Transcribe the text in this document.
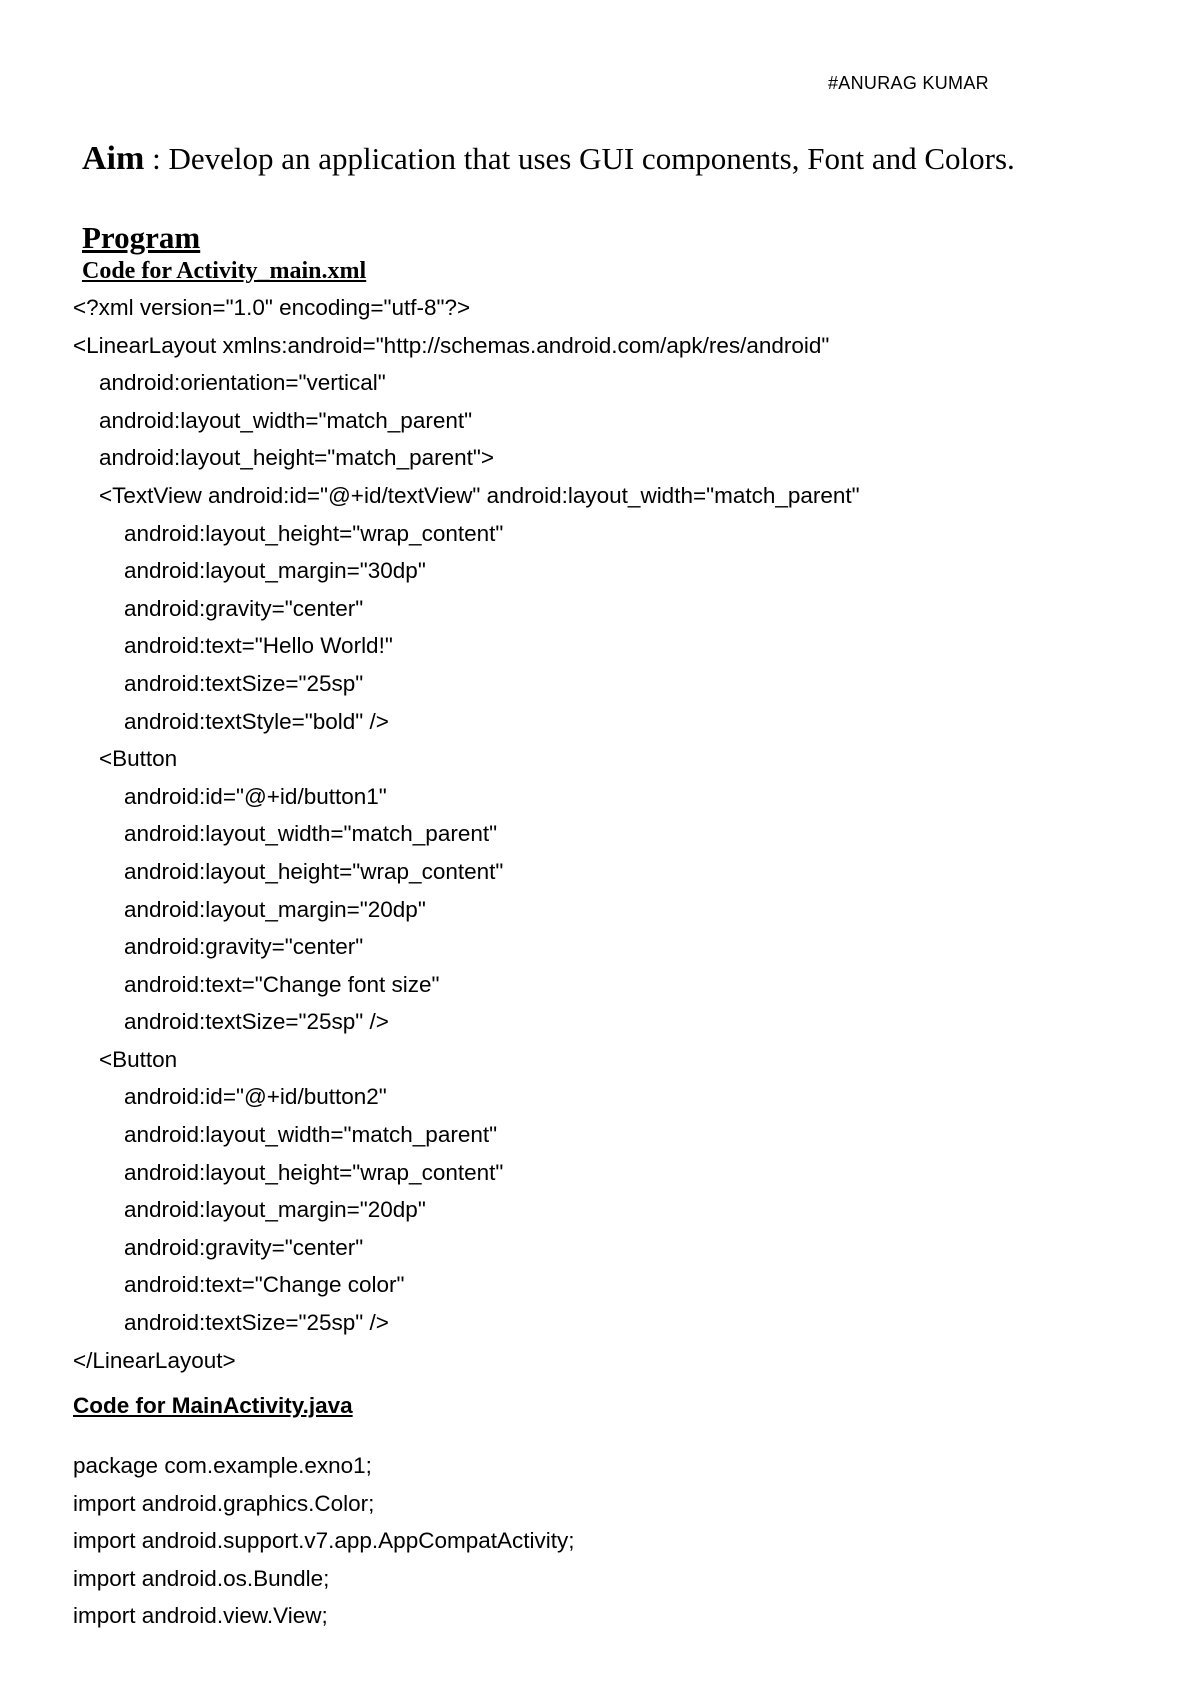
#ANURAG KUMAR
Aim : Develop an application that uses GUI components, Font and Colors.
Program
Code for Activity_main.xml
<?xml version="1.0" encoding="utf-8"?>
<LinearLayout xmlns:android="http://schemas.android.com/apk/res/android"
android:orientation="vertical"
android:layout_width="match_parent"
android:layout_height="match_parent">
<TextView android:id="@+id/textView" android:layout_width="match_parent"
android:layout_height="wrap_content"
android:layout_margin="30dp"
android:gravity="center"
android:text="Hello World!"
android:textSize="25sp"
android:textStyle="bold" />
<Button
android:id="@+id/button1"
android:layout_width="match_parent"
android:layout_height="wrap_content"
android:layout_margin="20dp"
android:gravity="center"
android:text="Change font size"
android:textSize="25sp" />
<Button
android:id="@+id/button2"
android:layout_width="match_parent"
android:layout_height="wrap_content"
android:layout_margin="20dp"
android:gravity="center"
android:text="Change color"
android:textSize="25sp" />
</LinearLayout>
Code for MainActivity.java
package com.example.exno1;
import android.graphics.Color;
import android.support.v7.app.AppCompatActivity;
import android.os.Bundle;
import android.view.View;
